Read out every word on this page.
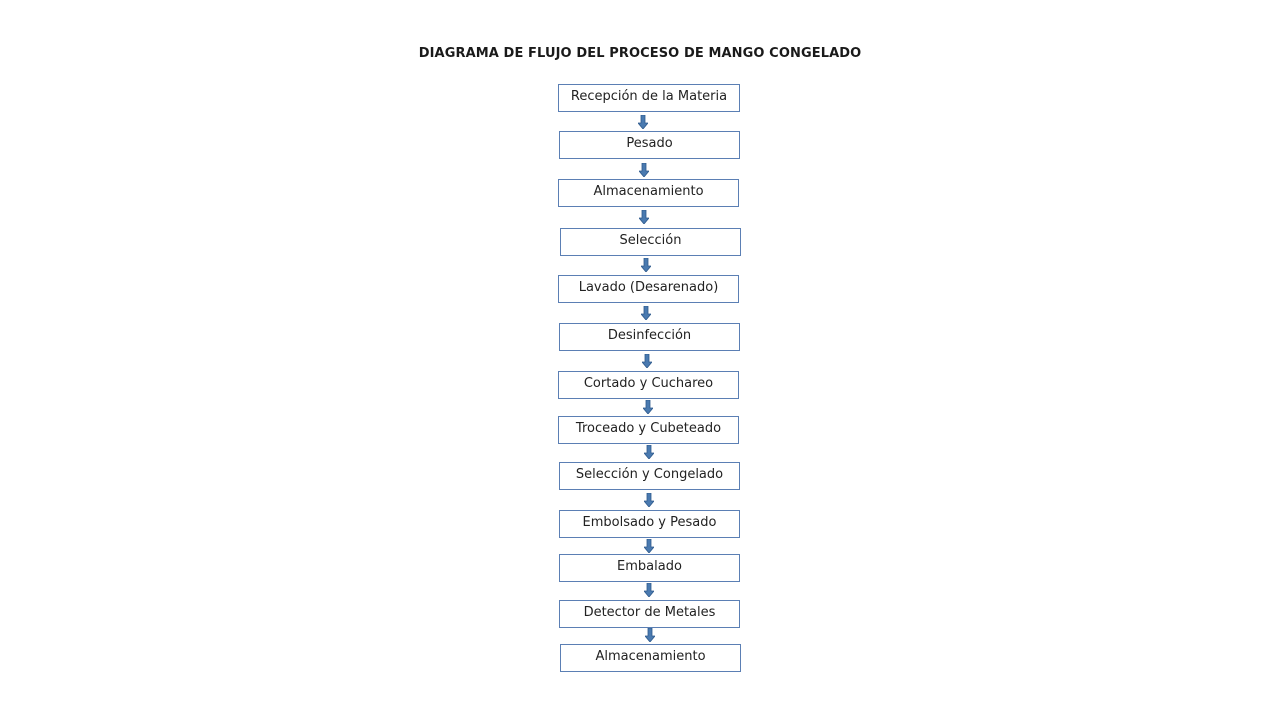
DIAGRAMA DE FLUJO DEL PROCESO DE MANGO CONGELADO
Recepción de la Materia
Pesado
Almacenamiento
Selección
Lavado (Desarenado)
Desinfección
Cortado y Cuchareo
Troceado y Cubeteado
Selección y Congelado
Embolsado y Pesado
Embalado
Detector de Metales
Almacenamiento
